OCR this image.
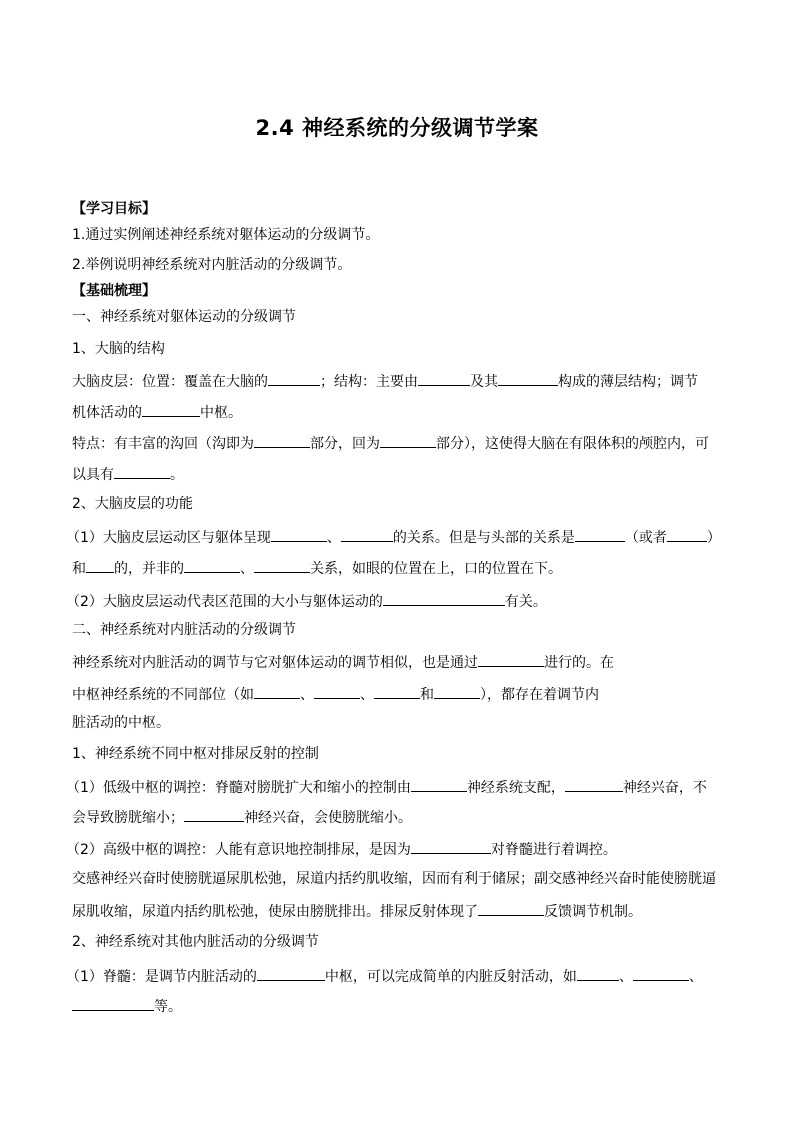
2.4 神经系统的分级调节学案
【学习目标】
1.通过实例阐述神经系统对躯体运动的分级调节。
2.举例说明神经系统对内脏活动的分级调节。
【基础梳理】
一、神经系统对躯体运动的分级调节
1、大脑的结构
大脑皮层：位置：覆盖在大脑的	；结构：主要由	及其	构成的薄层结构；调节
机体活动的	中枢。
特点：有丰富的沟回（沟即为	部分，回为	部分），这使得大脑在有限体积的颅腔内，可
以具有	。
2、大脑皮层的功能
（1）大脑皮层运动区与躯体呈现	、	的关系。但是与头部的关系是	（或者	）
和 的，并非的	、	关系，如眼的位置在上，口的位置在下。
（2）大脑皮层运动代表区范围的大小与躯体运动的	有关。
二、神经系统对内脏活动的分级调节
神经系统对内脏活动的调节与它对躯体运动的调节相似，也是通过	进行的。在
中枢神经系统的不同部位（如	、	、	和	），都存在着调节内
脏活动的中枢。
1、神经系统不同中枢对排尿反射的控制
（1）低级中枢的调控：脊髓对膀胱扩大和缩小的控制由	神经系统支配，	神经兴奋，不
会导致膀胱缩小；	神经兴奋，会使膀胱缩小。
（2）高级中枢的调控：人能有意识地控制排尿，是因为	对脊髓进行着调控。
交感神经兴奋时使膀胱逼尿肌松弛，尿道内括约肌收缩，因而有利于储尿；副交感神经兴奋时能使膀胱逼
尿肌收缩，尿道内括约肌松弛，使尿由膀胱排出。排尿反射体现了	反馈调节机制。
2、神经系统对其他内脏活动的分级调节
（1）脊髓：是调节内脏活动的	中枢，可以完成简单的内脏反射活动，如	、	、
等。
